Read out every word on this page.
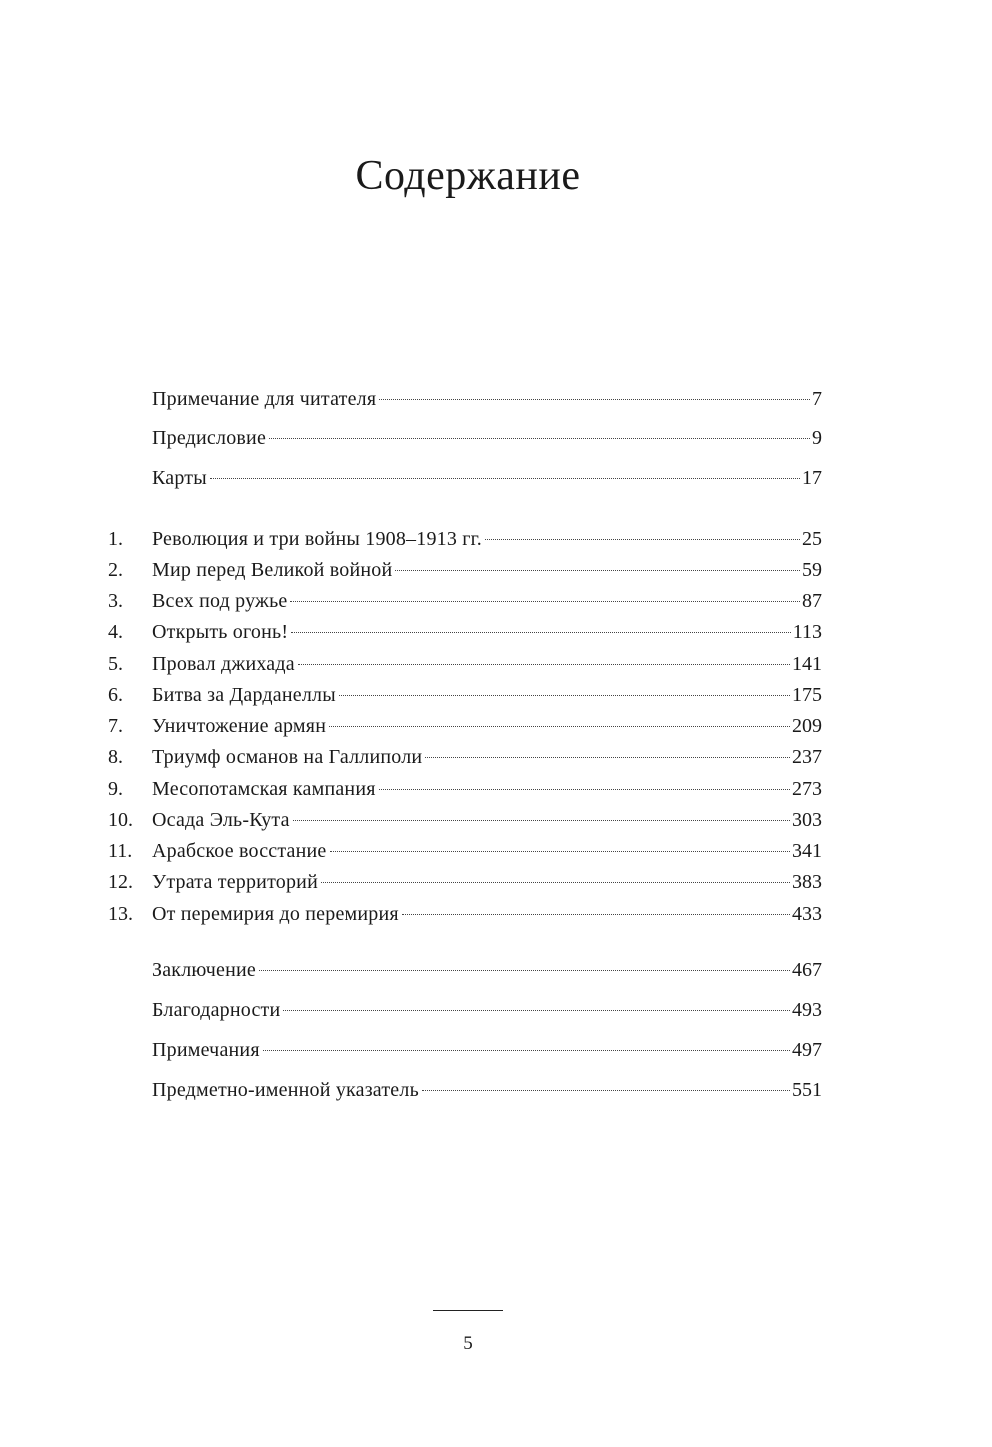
Содержание
Примечание для читателя	7
Предисловие	9
Карты	17
1. Революция и три войны 1908–1913 гг.	25
2. Мир перед Великой войной	59
3. Всех под ружье	87
4. Открыть огонь!	113
5. Провал джихада	141
6. Битва за Дарданеллы	175
7. Уничтожение армян	209
8. Триумф османов на Галлиполи	237
9. Месопотамская кампания	273
10. Осада Эль-Кута	303
11. Арабское восстание	341
12. Утрата территорий	383
13. От перемирия до перемирия	433
Заключение	467
Благодарности	493
Примечания	497
Предметно-именной указатель	551
5
